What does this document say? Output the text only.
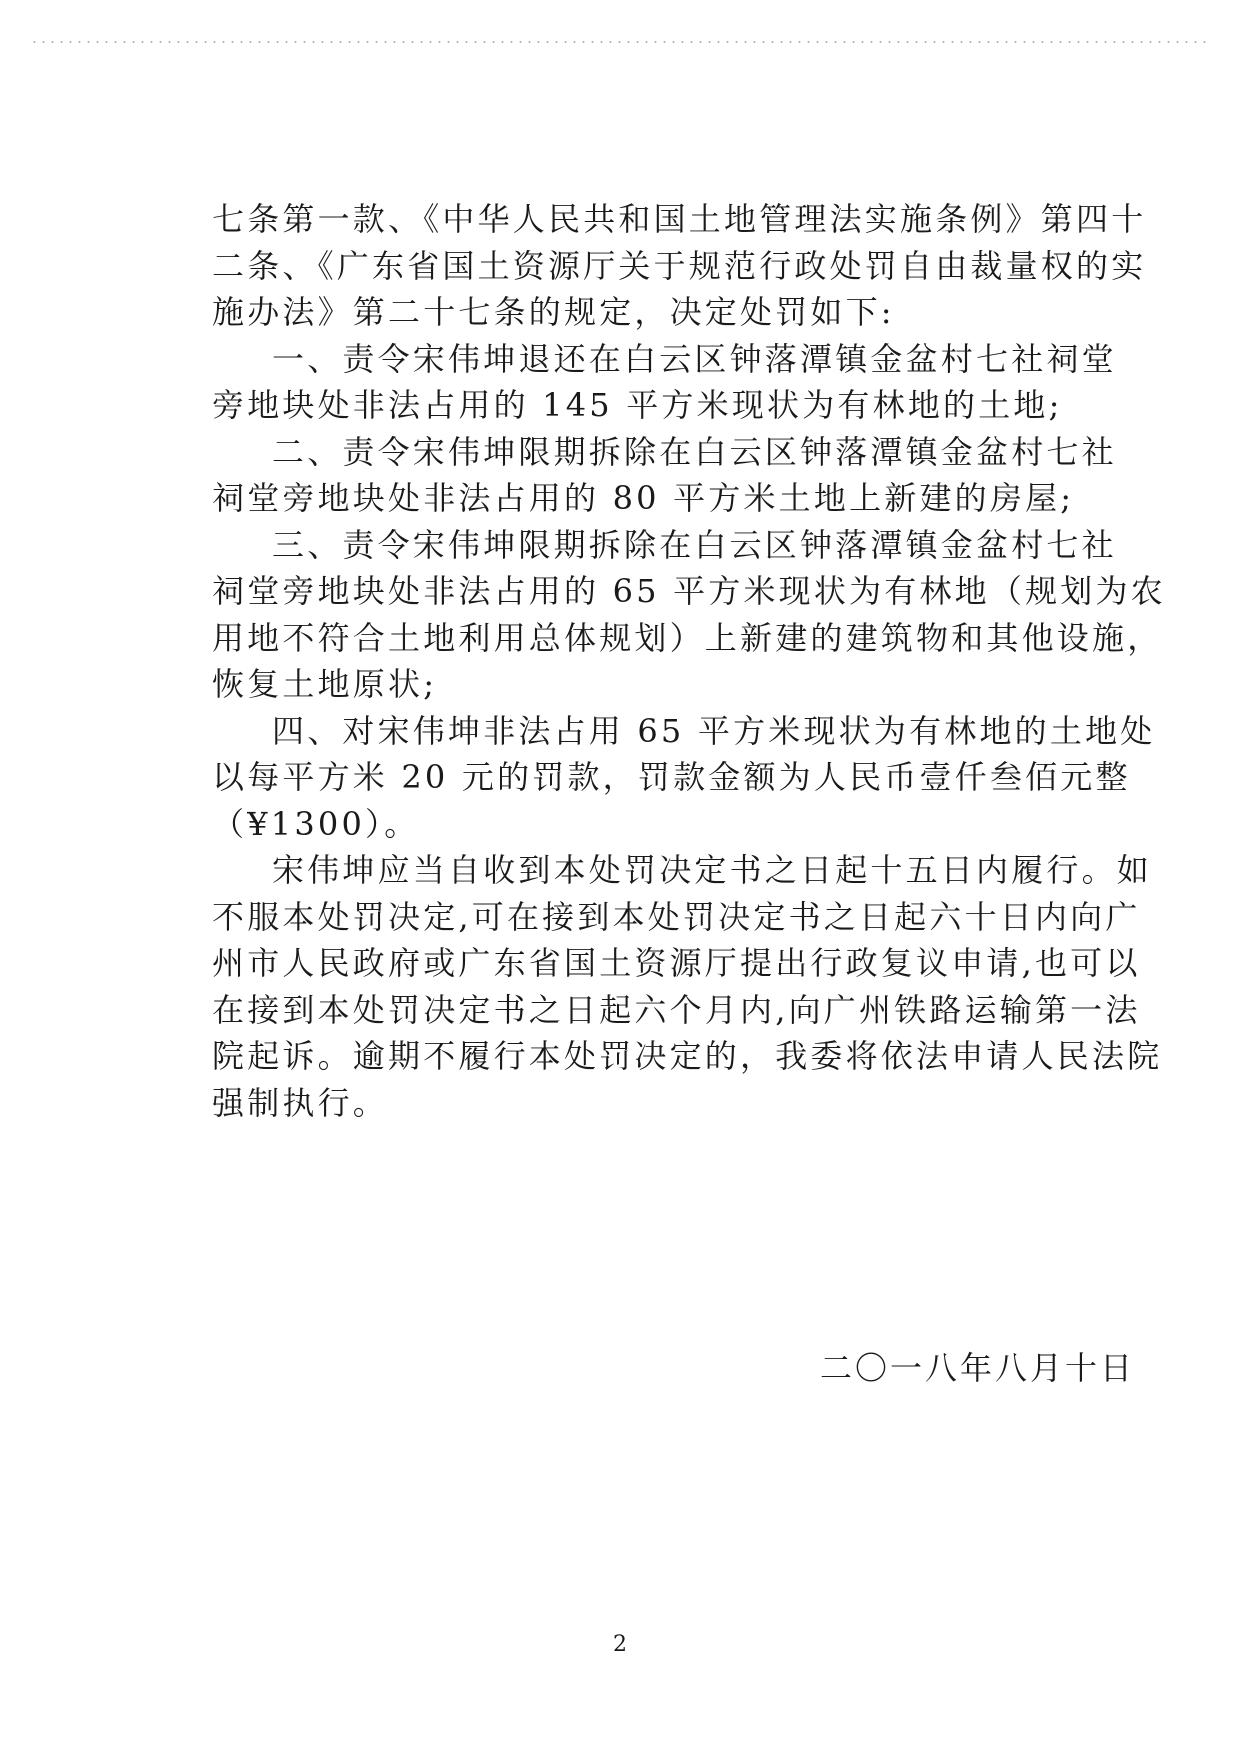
七条第一款、《中华人民共和国土地管理法实施条例》第四十
二条、《广东省国土资源厅关于规范行政处罚自由裁量权的实
施办法》第二十七条的规定，决定处罚如下:
一、责令宋伟坤退还在白云区钟落潭镇金盆村七社祠堂
旁地块处非法占用的 145 平方米现状为有林地的土地;
二、责令宋伟坤限期拆除在白云区钟落潭镇金盆村七社
祠堂旁地块处非法占用的 80 平方米土地上新建的房屋;
三、责令宋伟坤限期拆除在白云区钟落潭镇金盆村七社
祠堂旁地块处非法占用的 65 平方米现状为有林地（规划为农
用地不符合土地利用总体规划）上新建的建筑物和其他设施，
恢复土地原状;
四、对宋伟坤非法占用 65 平方米现状为有林地的土地处
以每平方米 20 元的罚款，罚款金额为人民币壹仟叁佰元整
（¥1300）。
宋伟坤应当自收到本处罚决定书之日起十五日内履行。如
不服本处罚决定,可在接到本处罚决定书之日起六十日内向广
州市人民政府或广东省国土资源厅提出行政复议申请,也可以
在接到本处罚决定书之日起六个月内,向广州铁路运输第一法
院起诉。逾期不履行本处罚决定的，我委将依法申请人民法院
强制执行。
二〇一八年八月十日
2
